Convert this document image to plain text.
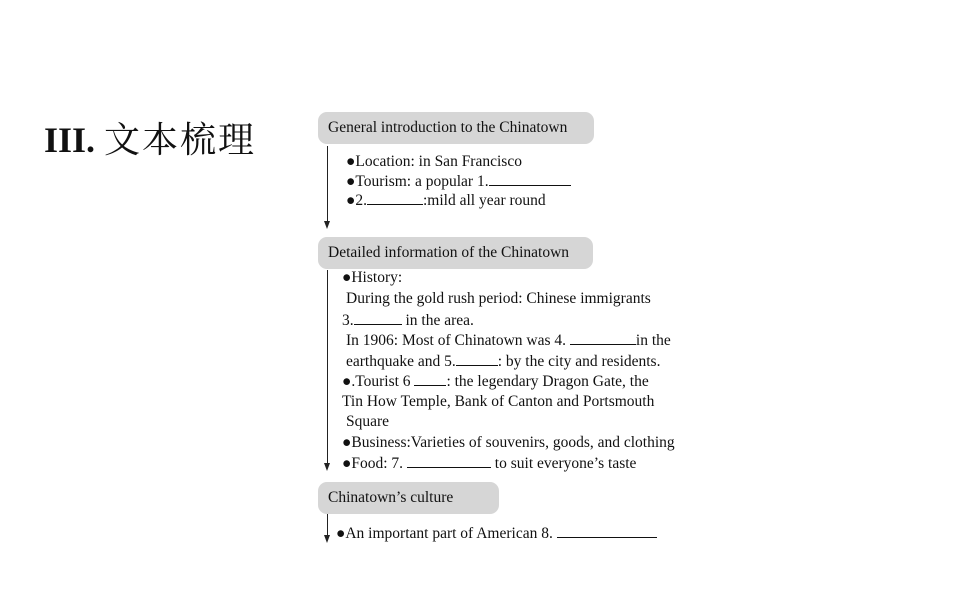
III. 文本梳理	General introduction to the Chinatown
●Location: in San Francisco
●Tourism: a popular 1.
●2.	:mild all year round
Detailed information of the Chinatown
●History:
During the gold rush period: Chinese immigrants
3.	in the area.
In 1906: Most of Chinatown was 4.	in the
earthquake and 5.	: by the city and residents.
●.Tourist 6 : the legendary Dragon Gate, the
Tin How Temple, Bank of Canton and Portsmouth
Square
●Business:Varieties of souvenirs, goods, and clothing
●Food: 7.	to suit everyone’s taste
Chinatown’s culture
●An important part of American 8.
